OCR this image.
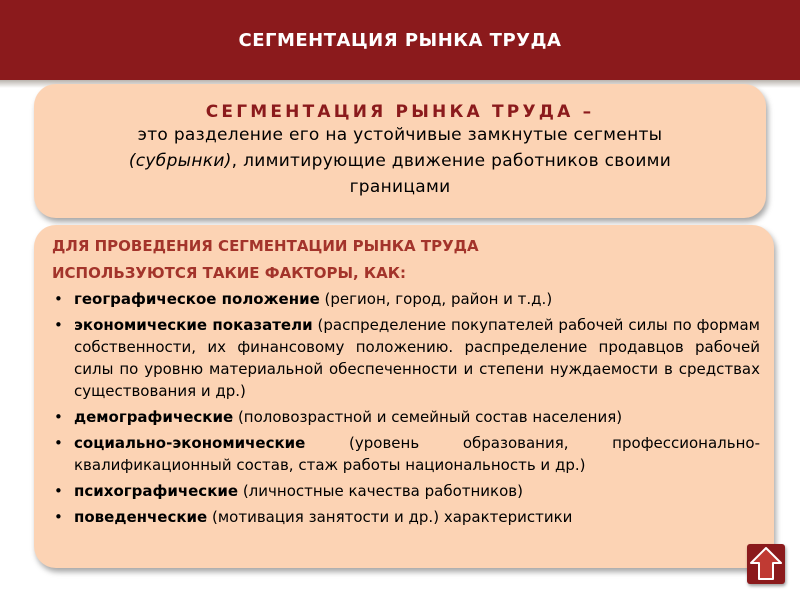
СЕГМЕНТАЦИЯ РЫНКА ТРУДА
СЕГМЕНТАЦИЯ РЫНКА ТРУДА –
это разделение его на устойчивые замкнутые сегменты
(субрынки), лимитирующие движение работников своими
границами
ДЛЯ ПРОВЕДЕНИЯ СЕГМЕНТАЦИИ РЫНКА ТРУДА
ИСПОЛЬЗУЮТСЯ ТАКИЕ ФАКТОРЫ, КАК:
• географическое положение (регион, город, район и т.д.)
• экономические показатели (распределение покупателей рабочей силы по формам собственности, их финансовому положению. распределение продавцов рабочей силы по уровню материальной обеспеченности и степени нуждаемости в средствах существования и др.)
• демографические (половозрастной и семейный состав населения)
• социально-экономические (уровень образования, профессионально-квалификационный состав, стаж работы национальность и др.)
• психографические (личностные качества работников)
• поведенческие (мотивация занятости и др.) характеристики
